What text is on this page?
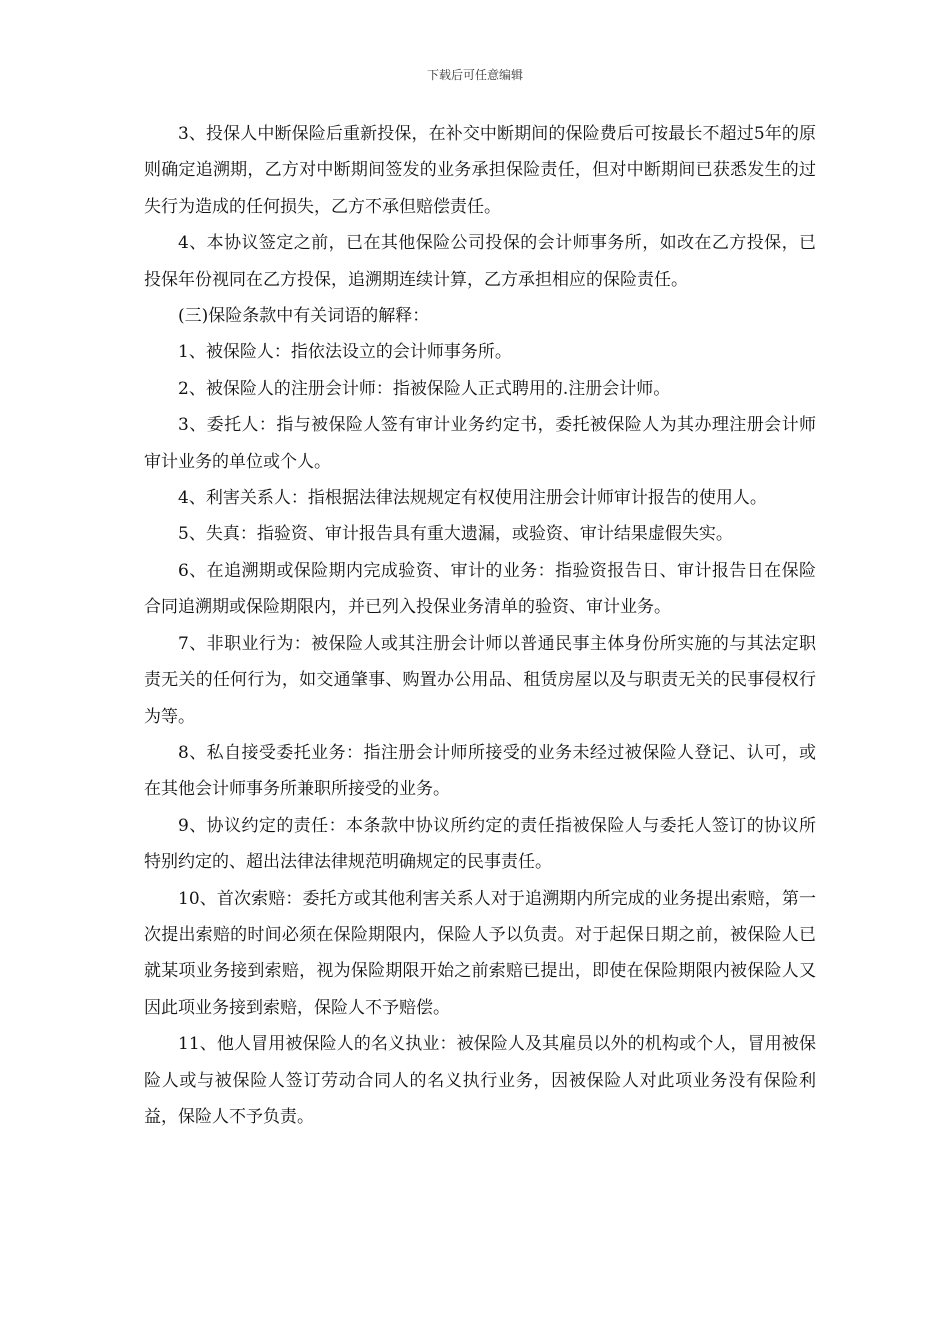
下载后可任意编辑

3、投保人中断保险后重新投保，在补交中断期间的保险费后可按最长不超过5年的原则确定追溯期，乙方对中断期间签发的业务承担保险责任，但对中断期间已获悉发生的过失行为造成的任何损失，乙方不承但赔偿责任。

4、本协议签定之前，已在其他保险公司投保的会计师事务所，如改在乙方投保，已投保年份视同在乙方投保，追溯期连续计算，乙方承担相应的保险责任。

(三)保险条款中有关词语的解释：

1、被保险人：指依法设立的会计师事务所。

2、被保险人的注册会计师：指被保险人正式聘用的.注册会计师。

3、委托人：指与被保险人签有审计业务约定书，委托被保险人为其办理注册会计师审计业务的单位或个人。

4、利害关系人：指根据法律法规规定有权使用注册会计师审计报告的使用人。

5、失真：指验资、审计报告具有重大遗漏，或验资、审计结果虚假失实。

6、在追溯期或保险期内完成验资、审计的业务：指验资报告日、审计报告日在保险合同追溯期或保险期限内，并已列入投保业务清单的验资、审计业务。

7、非职业行为：被保险人或其注册会计师以普通民事主体身份所实施的与其法定职责无关的任何行为，如交通肇事、购置办公用品、租赁房屋以及与职责无关的民事侵权行为等。

8、私自接受委托业务：指注册会计师所接受的业务未经过被保险人登记、认可，或在其他会计师事务所兼职所接受的业务。

9、协议约定的责任：本条款中协议所约定的责任指被保险人与委托人签订的协议所特别约定的、超出法律法律规范明确规定的民事责任。

10、首次索赔：委托方或其他利害关系人对于追溯期内所完成的业务提出索赔，第一次提出索赔的时间必须在保险期限内，保险人予以负责。对于起保日期之前，被保险人已就某项业务接到索赔，视为保险期限开始之前索赔已提出，即使在保险期限内被保险人又因此项业务接到索赔，保险人不予赔偿。

11、他人冒用被保险人的名义执业：被保险人及其雇员以外的机构或个人，冒用被保险人或与被保险人签订劳动合同人的名义执行业务，因被保险人对此项业务没有保险利益，保险人不予负责。
